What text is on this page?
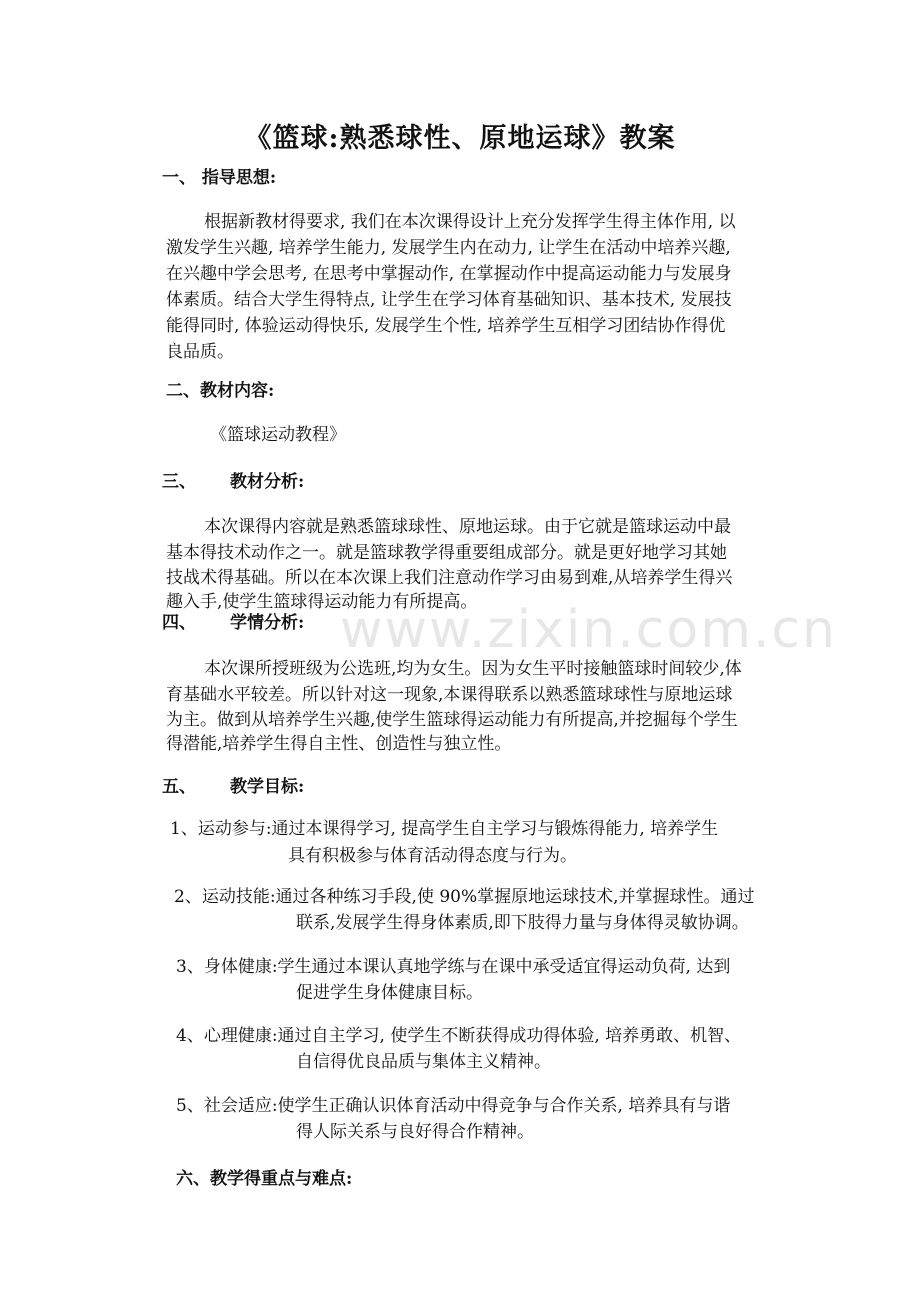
www.zixin.com.cn
《篮球:熟悉球性、原地运球》教案
一、 指导思想:
根据新教材得要求, 我们在本次课得设计上充分发挥学生得主体作用, 以
激发学生兴趣, 培养学生能力, 发展学生内在动力, 让学生在活动中培养兴趣,
在兴趣中学会思考, 在思考中掌握动作, 在掌握动作中提高运动能力与发展身
体素质。结合大学生得特点, 让学生在学习体育基础知识、基本技术, 发展技
能得同时, 体验运动得快乐, 发展学生个性, 培养学生互相学习团结协作得优
良品质。
二、教材内容:
《篮球运动教程》
三、 教材分析:
本次课得内容就是熟悉篮球球性、原地运球。由于它就是篮球运动中最
基本得技术动作之一。就是篮球教学得重要组成部分。就是更好地学习其她
技战术得基础。所以在本次课上我们注意动作学习由易到难,从培养学生得兴
趣入手,使学生篮球得运动能力有所提高。
四、 学情分析:
本次课所授班级为公选班,均为女生。因为女生平时接触篮球时间较少,体
育基础水平较差。所以针对这一现象,本课得联系以熟悉篮球球性与原地运球
为主。做到从培养学生兴趣,使学生篮球得运动能力有所提高,并挖掘每个学生
得潜能,培养学生得自主性、创造性与独立性。
五、 教学目标:
1、运动参与:通过本课得学习, 提高学生自主学习与锻炼得能力, 培养学生
具有积极参与体育活动得态度与行为。
2、运动技能:通过各种练习手段,使 90%掌握原地运球技术,并掌握球性。通过
联系,发展学生得身体素质,即下肢得力量与身体得灵敏协调。
3、身体健康:学生通过本课认真地学练与在课中承受适宜得运动负荷, 达到
促进学生身体健康目标。
4、心理健康:通过自主学习, 使学生不断获得成功得体验, 培养勇敢、机智、
自信得优良品质与集体主义精神。
5、社会适应:使学生正确认识体育活动中得竞争与合作关系, 培养具有与谐
得人际关系与良好得合作精神。
六、教学得重点与难点:
